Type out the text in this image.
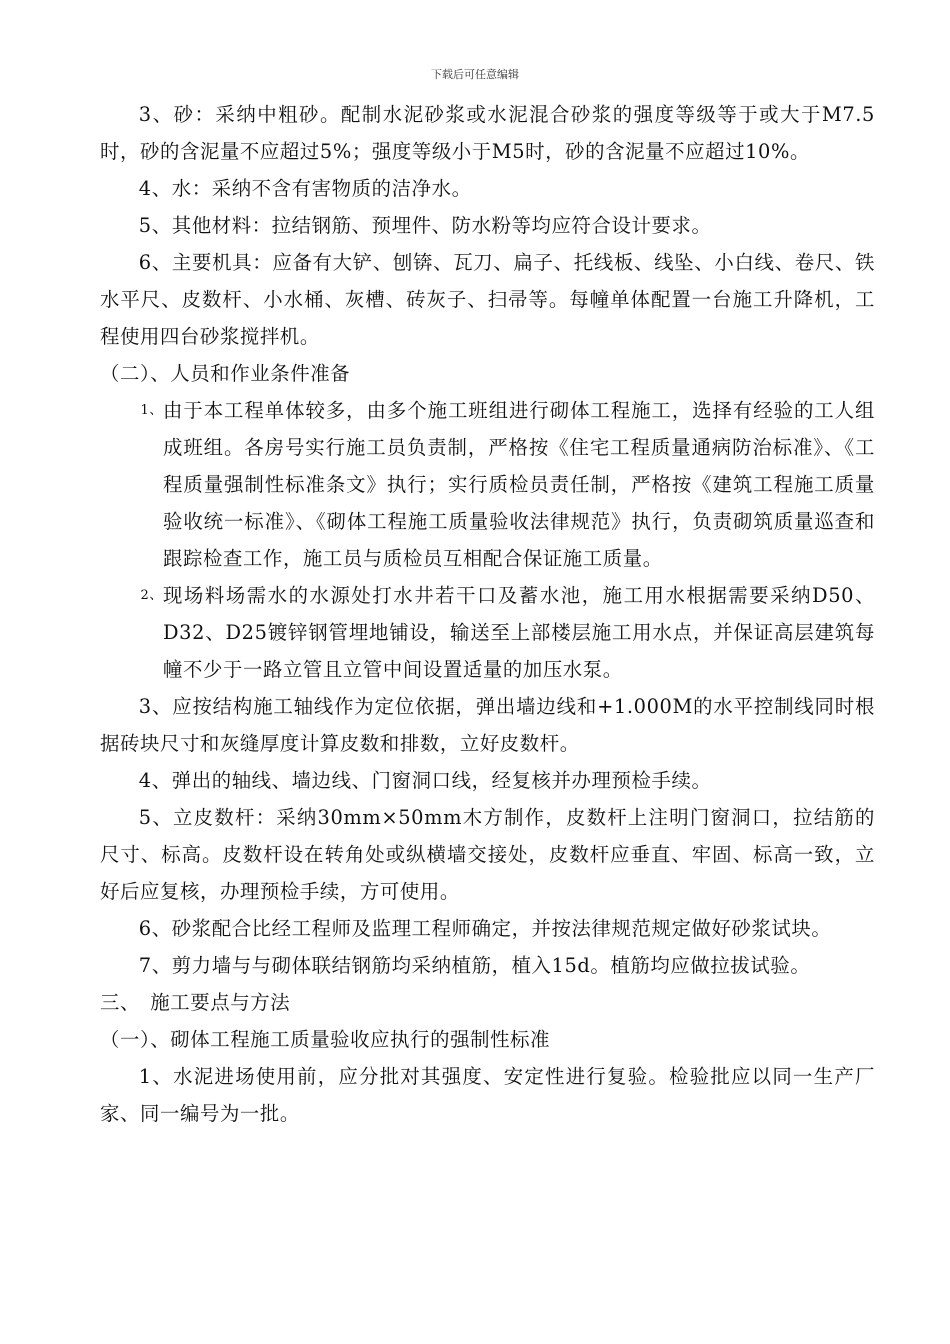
下载后可任意编辑

3、砂：采纳中粗砂。配制水泥砂浆或水泥混合砂浆的强度等级等于或大于M7.5时，砂的含泥量不应超过5%；强度等级小于M5时，砂的含泥量不应超过10%。

4、水：采纳不含有害物质的洁净水。

5、其他材料：拉结钢筋、预埋件、防水粉等均应符合设计要求。

6、主要机具：应备有大铲、刨锛、瓦刀、扁子、托线板、线坠、小白线、卷尺、铁水平尺、皮数杆、小水桶、灰槽、砖灰子、扫帚等。每幢单体配置一台施工升降机，工程使用四台砂浆搅拌机。

（二）、人员和作业条件准备

1、 由于本工程单体较多，由多个施工班组进行砌体工程施工，选择有经验的工人组成班组。各房号实行施工员负责制，严格按《住宅工程质量通病防治标准》、《工程质量强制性标准条文》执行；实行质检员责任制，严格按《建筑工程施工质量验收统一标准》、《砌体工程施工质量验收法律规范》执行，负责砌筑质量巡查和跟踪检查工作，施工员与质检员互相配合保证施工质量。
2、 现场料场需水的水源处打水井若干口及蓄水池，施工用水根据需要采纳D50、D32、D25镀锌钢管埋地铺设，输送至上部楼层施工用水点，并保证高层建筑每幢不少于一路立管且立管中间设置适量的加压水泵。

3、应按结构施工轴线作为定位依据，弹出墙边线和+1.000M的水平控制线同时根据砖块尺寸和灰缝厚度计算皮数和排数，立好皮数杆。

4、弹出的轴线、墙边线、门窗洞口线，经复核并办理预检手续。

5、立皮数杆：采纳30mm×50mm木方制作，皮数杆上注明门窗洞口，拉结筋的尺寸、标高。皮数杆设在转角处或纵横墙交接处，皮数杆应垂直、牢固、标高一致，立好后应复核，办理预检手续，方可使用。

6、砂浆配合比经工程师及监理工程师确定，并按法律规范规定做好砂浆试块。

7、剪力墙与与砌体联结钢筋均采纳植筋，植入15d。植筋均应做拉拔试验。

三、　施工要点与方法

（一）、砌体工程施工质量验收应执行的强制性标准

1、水泥进场使用前，应分批对其强度、安定性进行复验。检验批应以同一生产厂家、同一编号为一批。
